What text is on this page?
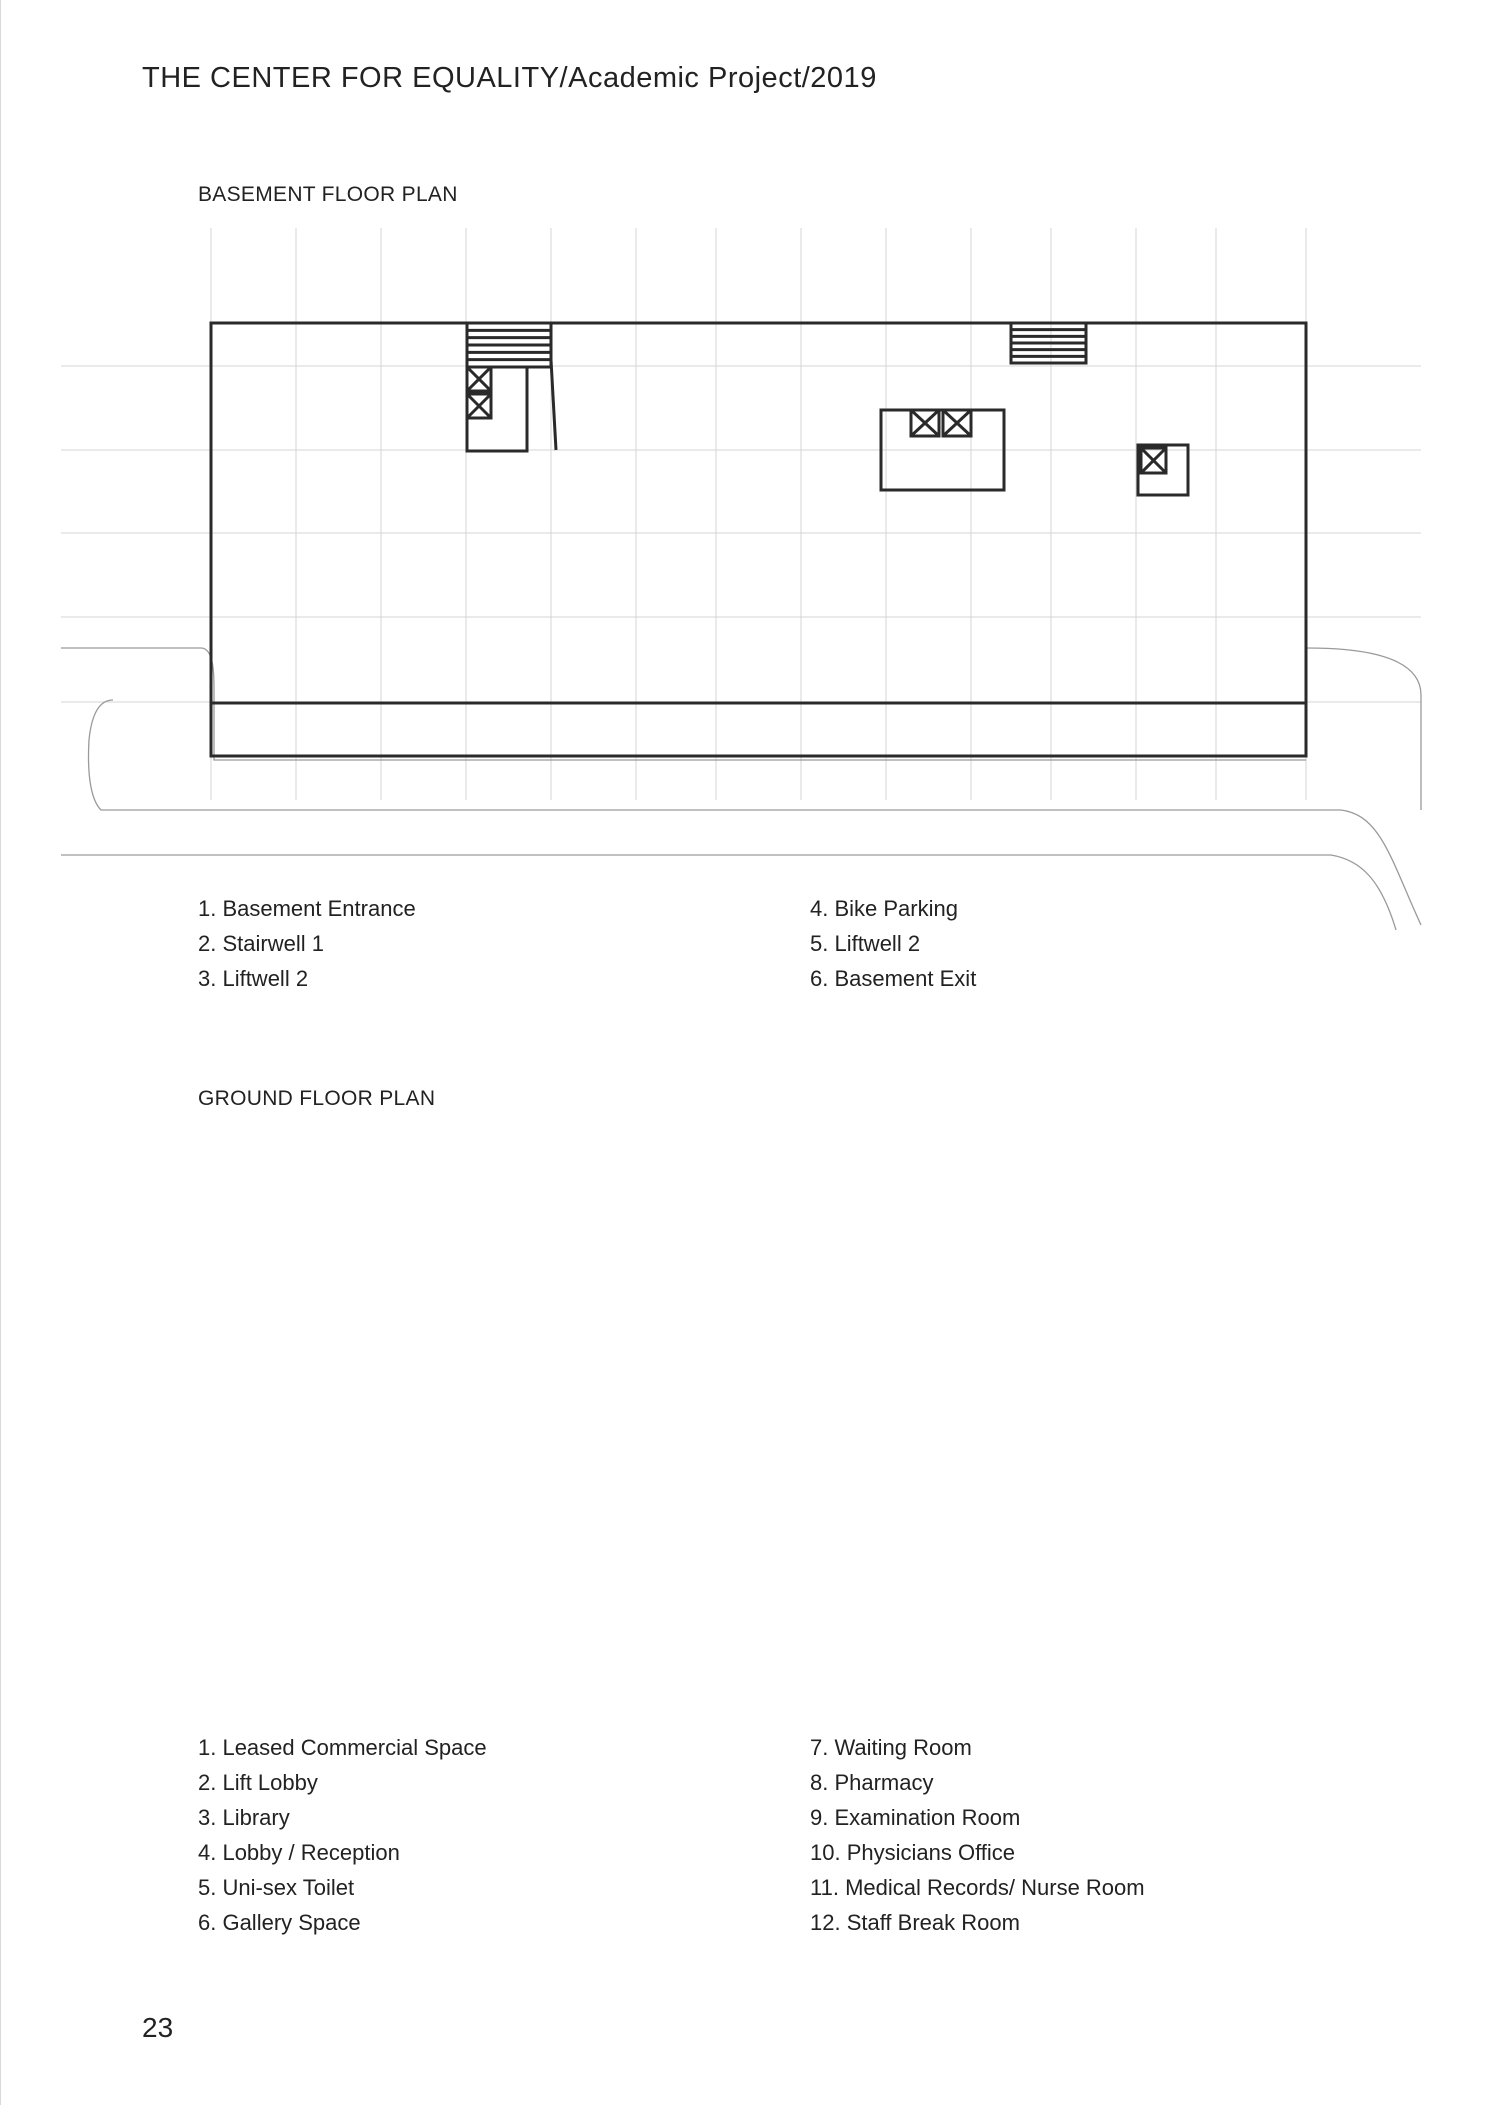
THE CENTER FOR EQUALITY/Academic Project/2019
BASEMENT FLOOR PLAN
1. Basement Entrance
2. Stairwell 1
3. Liftwell 2
4. Bike Parking
5. Liftwell 2
6. Basement Exit
GROUND FLOOR PLAN
1. Leased Commercial Space
2. Lift Lobby
3. Library
4. Lobby / Reception
5. Uni-sex Toilet
6. Gallery Space
7. Waiting Room
8. Pharmacy
9. Examination Room
10. Physicians Office
11. Medical Records/ Nurse Room
12. Staff Break Room
23
